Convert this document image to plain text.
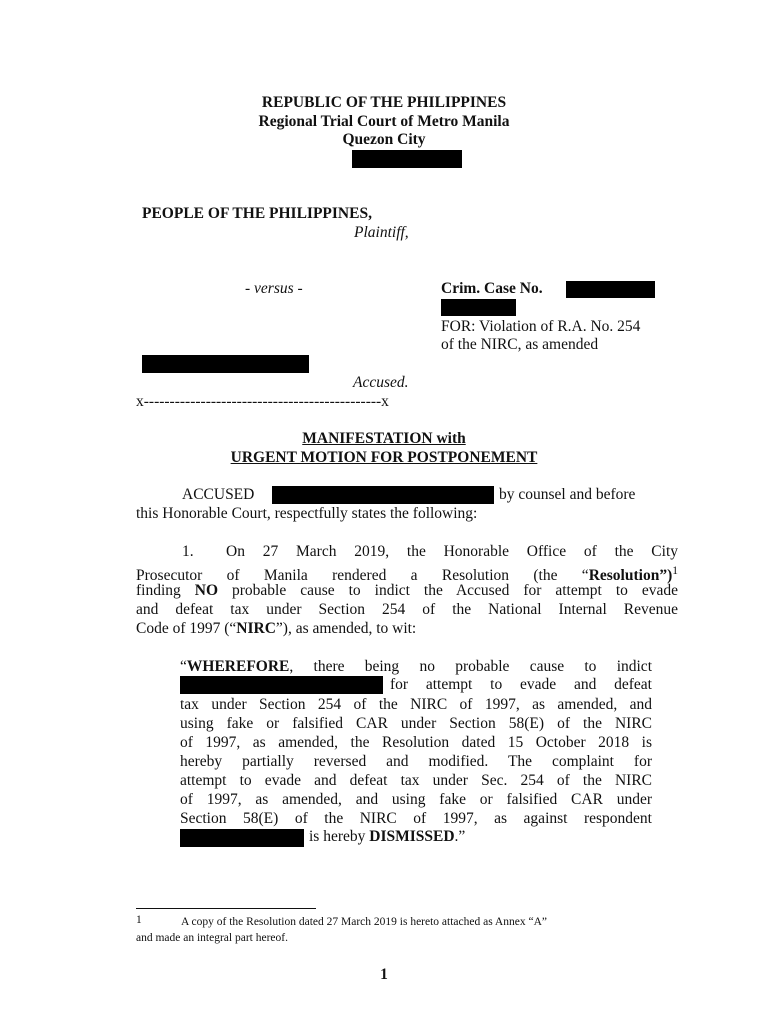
REPUBLIC OF THE PHILIPPINES
Regional Trial Court of Metro Manila
Quezon City
PEOPLE OF THE PHILIPPINES,
Plaintiff,
- versus -	Crim. Case No.
FOR: Violation of R.A. No. 254
of the NIRC, as amended
Accused.
x----------------------------------------------x
MANIFESTATION with
URGENT MOTION FOR POSTPONEMENT
ACCUSED	by counsel and before
this Honorable Court, respectfully states the following:
1. On 27 March 2019, the Honorable Office of the City
Prosecutor of Manila rendered a Resolution (the “Resolution”)$^1$
finding NO probable cause to indict the Accused for attempt to evade
and defeat tax under Section 254 of the National Internal Revenue
Code of 1997 (“NIRC”), as amended, to wit:
“WHEREFORE, there being no probable cause to indict
for attempt to evade and defeat
tax under Section 254 of the NIRC of 1997, as amended, and
using fake or falsified CAR under Section 58(E) of the NIRC
of 1997, as amended, the Resolution dated 15 October 2018 is
hereby partially reversed and modified. The complaint for
attempt to evade and defeat tax under Sec. 254 of the NIRC
of 1997, as amended, and using fake or falsified CAR under
Section 58(E) of the NIRC of 1997, as against respondent
is hereby DISMISSED.”
1	A copy of the Resolution dated 27 March 2019 is hereto attached as Annex “A”
and made an integral part hereof.
1
